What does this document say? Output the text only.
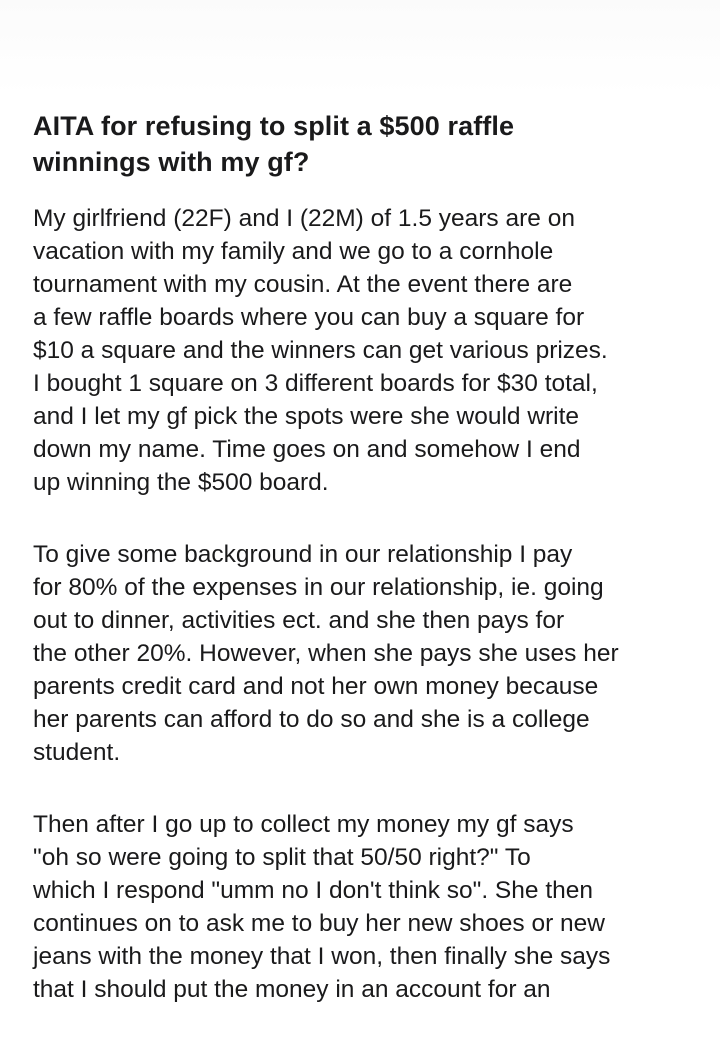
AITA for refusing to split a $500 raffle
winnings with my gf?

My girlfriend (22F) and I (22M) of 1.5 years are on
vacation with my family and we go to a cornhole
tournament with my cousin. At the event there are
a few raffle boards where you can buy a square for
$10 a square and the winners can get various prizes.
I bought 1 square on 3 different boards for $30 total,
and I let my gf pick the spots were she would write
down my name. Time goes on and somehow I end
up winning the $500 board.

To give some background in our relationship I pay
for 80% of the expenses in our relationship, ie. going
out to dinner, activities ect. and she then pays for
the other 20%. However, when she pays she uses her
parents credit card and not her own money because
her parents can afford to do so and she is a college
student.

Then after I go up to collect my money my gf says
"oh so were going to split that 50/50 right?" To
which I respond "umm no I don't think so". She then
continues on to ask me to buy her new shoes or new
jeans with the money that I won, then finally she says
that I should put the money in an account for an
